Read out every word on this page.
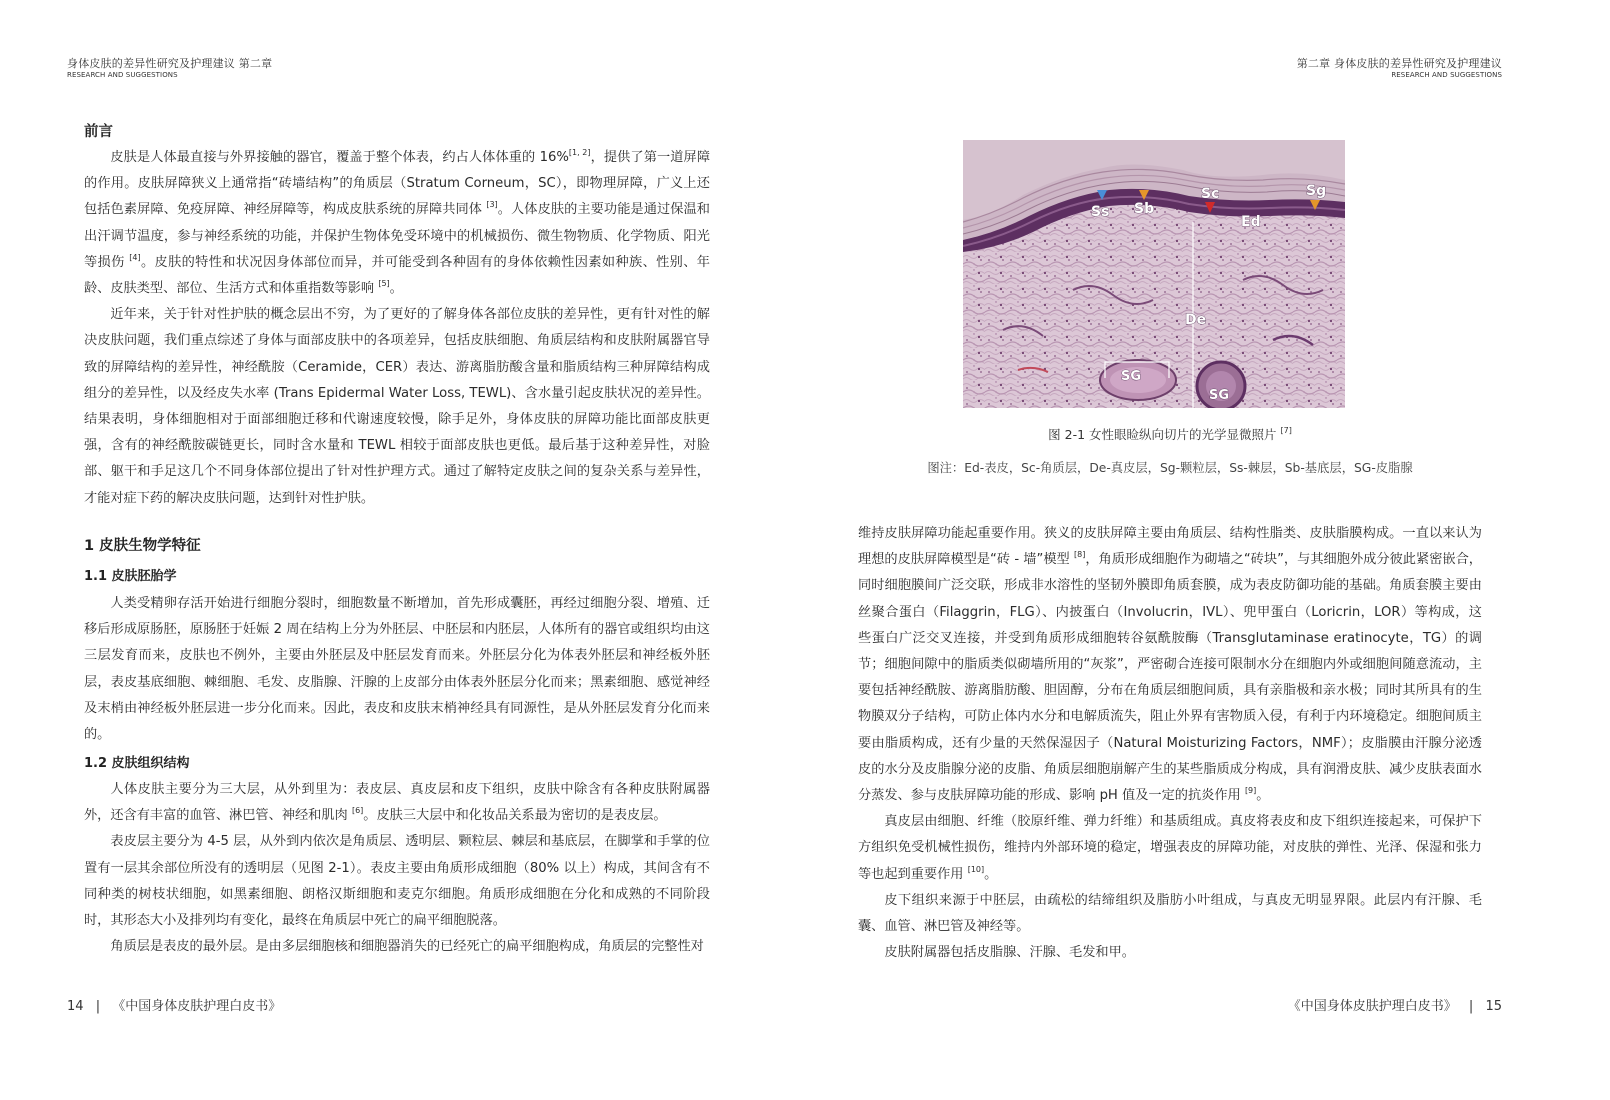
身体皮肤的差异性研究及护理建议 第二章
RESEARCH AND SUGGESTIONS
前言

皮肤是人体最直接与外界接触的器官，覆盖于整个体表，约占人体体重的 16%[1, 2]，提供了第一道屏障的作用。皮肤屏障狭义上通常指“砖墙结构”的角质层（Stratum Corneum，SC），即物理屏障，广义上还包括色素屏障、免疫屏障、神经屏障等，构成皮肤系统的屏障共同体 [3]。人体皮肤的主要功能是通过保温和出汗调节温度，参与神经系统的功能，并保护生物体免受环境中的机械损伤、微生物物质、化学物质、阳光等损伤 [4]。皮肤的特性和状况因身体部位而异，并可能受到各种固有的身体依赖性因素如种族、性别、年龄、皮肤类型、部位、生活方式和体重指数等影响 [5]。

近年来，关于针对性护肤的概念层出不穷，为了更好的了解身体各部位皮肤的差异性，更有针对性的解决皮肤问题，我们重点综述了身体与面部皮肤中的各项差异，包括皮肤细胞、角质层结构和皮肤附属器官导致的屏障结构的差异性，神经酰胺（Ceramide，CER）表达、游离脂肪酸含量和脂质结构三种屏障结构成组分的差异性，以及经皮失水率 (Trans Epidermal Water Loss, TEWL)、含水量引起皮肤状况的差异性。结果表明，身体细胞相对于面部细胞迁移和代谢速度较慢，除手足外，身体皮肤的屏障功能比面部皮肤更强，含有的神经酰胺碳链更长，同时含水量和 TEWL 相较于面部皮肤也更低。最后基于这种差异性，对脸部、躯干和手足这几个不同身体部位提出了针对性护理方式。通过了解特定皮肤之间的复杂关系与差异性，才能对症下药的解决皮肤问题，达到针对性护肤。

1 皮肤生物学特征
1.1 皮肤胚胎学

人类受精卵存活开始进行细胞分裂时，细胞数量不断增加，首先形成囊胚，再经过细胞分裂、增殖、迁移后形成原肠胚，原肠胚于妊娠 2 周在结构上分为外胚层、中胚层和内胚层，人体所有的器官或组织均由这三层发育而来，皮肤也不例外，主要由外胚层及中胚层发育而来。外胚层分化为体表外胚层和神经板外胚层，表皮基底细胞、棘细胞、毛发、皮脂腺、汗腺的上皮部分由体表外胚层分化而来；黑素细胞、感觉神经及末梢由神经板外胚层进一步分化而来。因此，表皮和皮肤末梢神经具有同源性，是从外胚层发育分化而来的。

1.2 皮肤组织结构

人体皮肤主要分为三大层，从外到里为：表皮层、真皮层和皮下组织，皮肤中除含有各种皮肤附属器外，还含有丰富的血管、淋巴管、神经和肌肉 [6]。皮肤三大层中和化妆品关系最为密切的是表皮层。

表皮层主要分为 4-5 层，从外到内依次是角质层、透明层、颗粒层、棘层和基底层，在脚掌和手掌的位置有一层其余部位所没有的透明层（见图 2-1）。表皮主要由角质形成细胞（80% 以上）构成，其间含有不同种类的树枝状细胞，如黑素细胞、朗格汉斯细胞和麦克尔细胞。角质形成细胞在分化和成熟的不同阶段时，其形态大小及排列均有变化，最终在角质层中死亡的扁平细胞脱落。

角质层是表皮的最外层。是由多层细胞核和细胞器消失的已经死亡的扁平细胞构成，角质层的完整性对

14 | 《中国身体皮肤护理白皮书》
第二章 身体皮肤的差异性研究及护理建议
RESEARCH AND SUGGESTIONS
Ss Sb
Sc	Sg
Ed
De
SG
SG
图 2-1 女性眼睑纵向切片的光学显微照片 [7]
图注：Ed-表皮，Sc-角质层，De-真皮层，Sg-颗粒层，Ss-棘层，Sb-基底层，SG-皮脂腺

维持皮肤屏障功能起重要作用。狭义的皮肤屏障主要由角质层、结构性脂类、皮肤脂膜构成。一直以来认为理想的皮肤屏障模型是“砖 - 墙”模型 [8]，角质形成细胞作为砌墙之“砖块”，与其细胞外成分彼此紧密嵌合，同时细胞膜间广泛交联，形成非水溶性的坚韧外膜即角质套膜，成为表皮防御功能的基础。角质套膜主要由丝聚合蛋白（Filaggrin，FLG）、内披蛋白（Involucrin，IVL）、兜甲蛋白（Loricrin，LOR）等构成，这些蛋白广泛交叉连接，并受到角质形成细胞转谷氨酰胺酶（Transglutaminase eratinocyte，TG）的调节；细胞间隙中的脂质类似砌墙所用的“灰浆”，严密砌合连接可限制水分在细胞内外或细胞间随意流动，主要包括神经酰胺、游离脂肪酸、胆固醇，分布在角质层细胞间质，具有亲脂极和亲水极；同时其所具有的生物膜双分子结构，可防止体内水分和电解质流失，阻止外界有害物质入侵，有利于内环境稳定。细胞间质主要由脂质构成，还有少量的天然保湿因子（Natural Moisturizing Factors，NMF）；皮脂膜由汗腺分泌透皮的水分及皮脂腺分泌的皮脂、角质层细胞崩解产生的某些脂质成分构成，具有润滑皮肤、减少皮肤表面水分蒸发、参与皮肤屏障功能的形成、影响 pH 值及一定的抗炎作用 [9]。

真皮层由细胞、纤维（胶原纤维、弹力纤维）和基质组成。真皮将表皮和皮下组织连接起来，可保护下方组织免受机械性损伤，维持内外部环境的稳定，增强表皮的屏障功能，对皮肤的弹性、光泽、保湿和张力等也起到重要作用 [10]。

皮下组织来源于中胚层，由疏松的结缔组织及脂肪小叶组成，与真皮无明显界限。此层内有汗腺、毛囊、血管、淋巴管及神经等。

皮肤附属器包括皮脂腺、汗腺、毛发和甲。

《中国身体皮肤护理白皮书》 | 15
